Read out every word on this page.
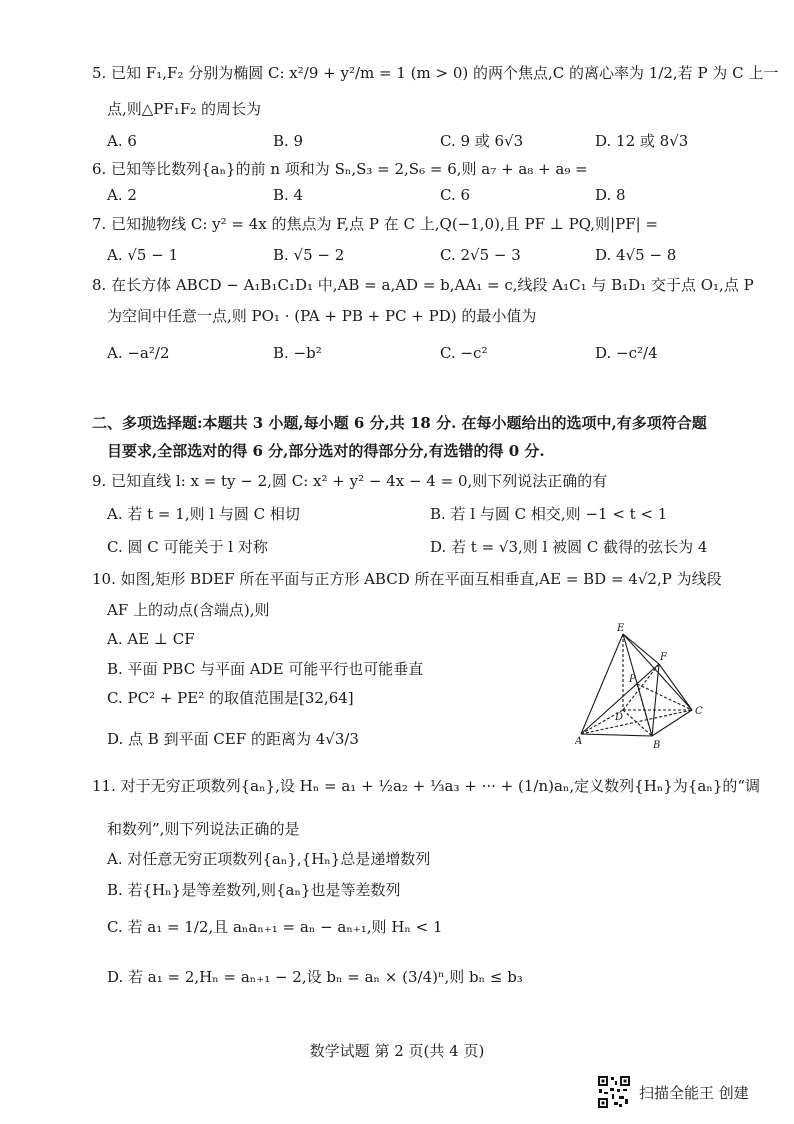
5. 已知 F₁,F₂ 分别为椭圆 C: x²/9 + y²/m = 1 (m > 0) 的两个焦点,C 的离心率为 1/2,若 P 为 C 上一
点,则△PF₁F₂ 的周长为
A. 6	B. 9	C. 9 或 6√3	D. 12 或 8√3
6. 已知等比数列{aₙ}的前 n 项和为 Sₙ,S₃ = 2,S₆ = 6,则 a₇ + a₈ + a₉ =
A. 2	B. 4	C. 6	D. 8
7. 已知抛物线 C: y² = 4x 的焦点为 F,点 P 在 C 上,Q(−1,0),且 PF ⊥ PQ,则|PF| =
A. √5 − 1	B. √5 − 2	C. 2√5 − 3	D. 4√5 − 8
8. 在长方体 ABCD − A₁B₁C₁D₁ 中,AB = a,AD = b,AA₁ = c,线段 A₁C₁ 与 B₁D₁ 交于点 O₁,点 P
为空间中任意一点,则 PO₁ · (PA + PB + PC + PD) 的最小值为
A. −a²/2	B. −b²	C. −c²	D. −c²/4
二、多项选择题:本题共 3 小题,每小题 6 分,共 18 分. 在每小题给出的选项中,有多项符合题
目要求,全部选对的得 6 分,部分选对的得部分分,有选错的得 0 分.
9. 已知直线 l: x = ty − 2,圆 C: x² + y² − 4x − 4 = 0,则下列说法正确的有
A. 若 t = 1,则 l 与圆 C 相切	B. 若 l 与圆 C 相交,则 −1 < t < 1
C. 圆 C 可能关于 l 对称	D. 若 t = √3,则 l 被圆 C 截得的弦长为 4
10. 如图,矩形 BDEF 所在平面与正方形 ABCD 所在平面互相垂直,AE = BD = 4√2,P 为线段
AF 上的动点(含端点),则
A. AE ⊥ CF
B. 平面 PBC 与平面 ADE 可能平行也可能垂直
C. PC² + PE² 的取值范围是[32,64]
D. 点 B 到平面 CEF 的距离为 4√3/3
E
F
P
D
C
A	B
11. 对于无穷正项数列{aₙ},设 Hₙ = a₁ + ½a₂ + ⅓a₃ + ··· + (1/n)aₙ,定义数列{Hₙ}为{aₙ}的“调
和数列”,则下列说法正确的是
A. 对任意无穷正项数列{aₙ},{Hₙ}总是递增数列
B. 若{Hₙ}是等差数列,则{aₙ}也是等差数列
C. 若 a₁ = 1/2,且 aₙaₙ₊₁ = aₙ − aₙ₊₁,则 Hₙ < 1
D. 若 a₁ = 2,Hₙ = aₙ₊₁ − 2,设 bₙ = aₙ × (3/4)ⁿ,则 bₙ ≤ b₃
数学试题 第 2 页(共 4 页)
扫描全能王 创建
